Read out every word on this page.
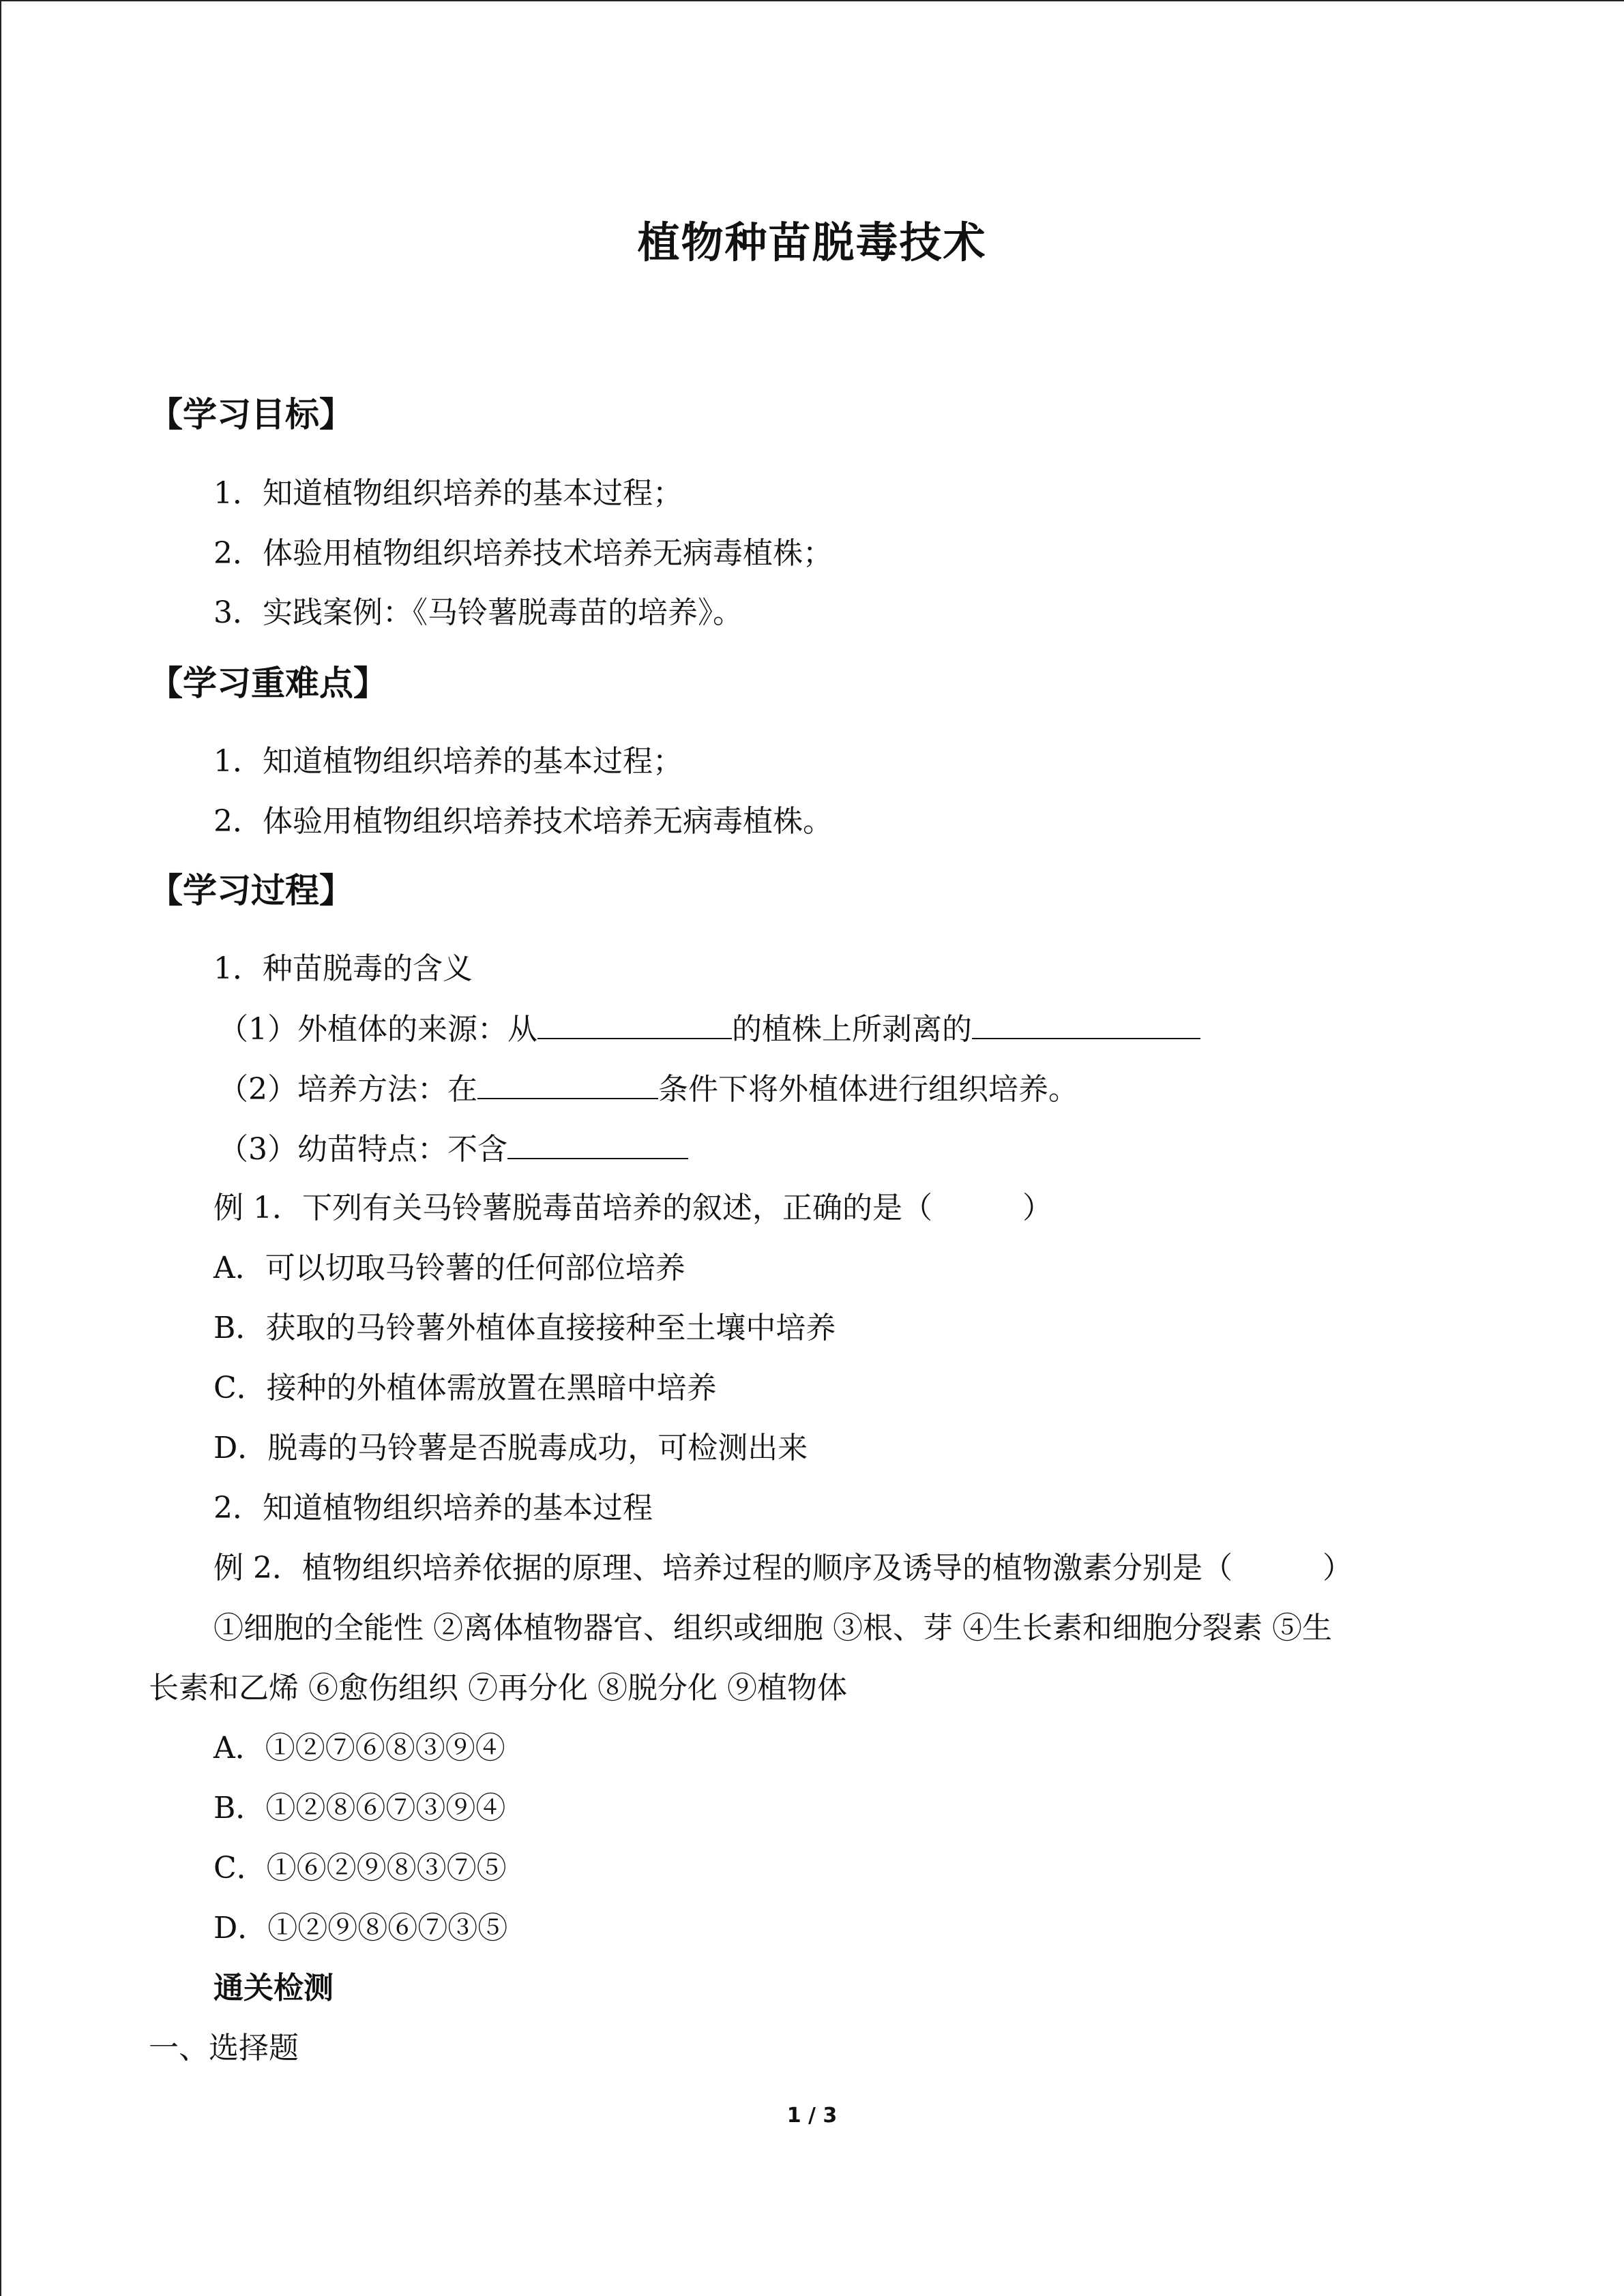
植物种苗脱毒技术
【学习目标】
1．知道植物组织培养的基本过程；
2．体验用植物组织培养技术培养无病毒植株；
3．实践案例：《马铃薯脱毒苗的培养》。
【学习重难点】
1．知道植物组织培养的基本过程；
2．体验用植物组织培养技术培养无病毒植株。
【学习过程】
1．种苗脱毒的含义
（1）外植体的来源：从	的植株上所剥离的
（2）培养方法：在	条件下将外植体进行组织培养。
（3）幼苗特点：不含
例 1．下列有关马铃薯脱毒苗培养的叙述，正确的是（　　　）
A．可以切取马铃薯的任何部位培养
B．获取的马铃薯外植体直接接种至土壤中培养
C．接种的外植体需放置在黑暗中培养
D．脱毒的马铃薯是否脱毒成功，可检测出来
2．知道植物组织培养的基本过程
例 2．植物组织培养依据的原理、培养过程的顺序及诱导的植物激素分别是（　　　）
①细胞的全能性 ②离体植物器官、组织或细胞 ③根、芽 ④生长素和细胞分裂素 ⑤生
长素和乙烯 ⑥愈伤组织 ⑦再分化 ⑧脱分化 ⑨植物体
A．①②⑦⑥⑧③⑨④
B．①②⑧⑥⑦③⑨④
C．①⑥②⑨⑧③⑦⑤
D．①②⑨⑧⑥⑦③⑤
通关检测
一、选择题
1 / 3
